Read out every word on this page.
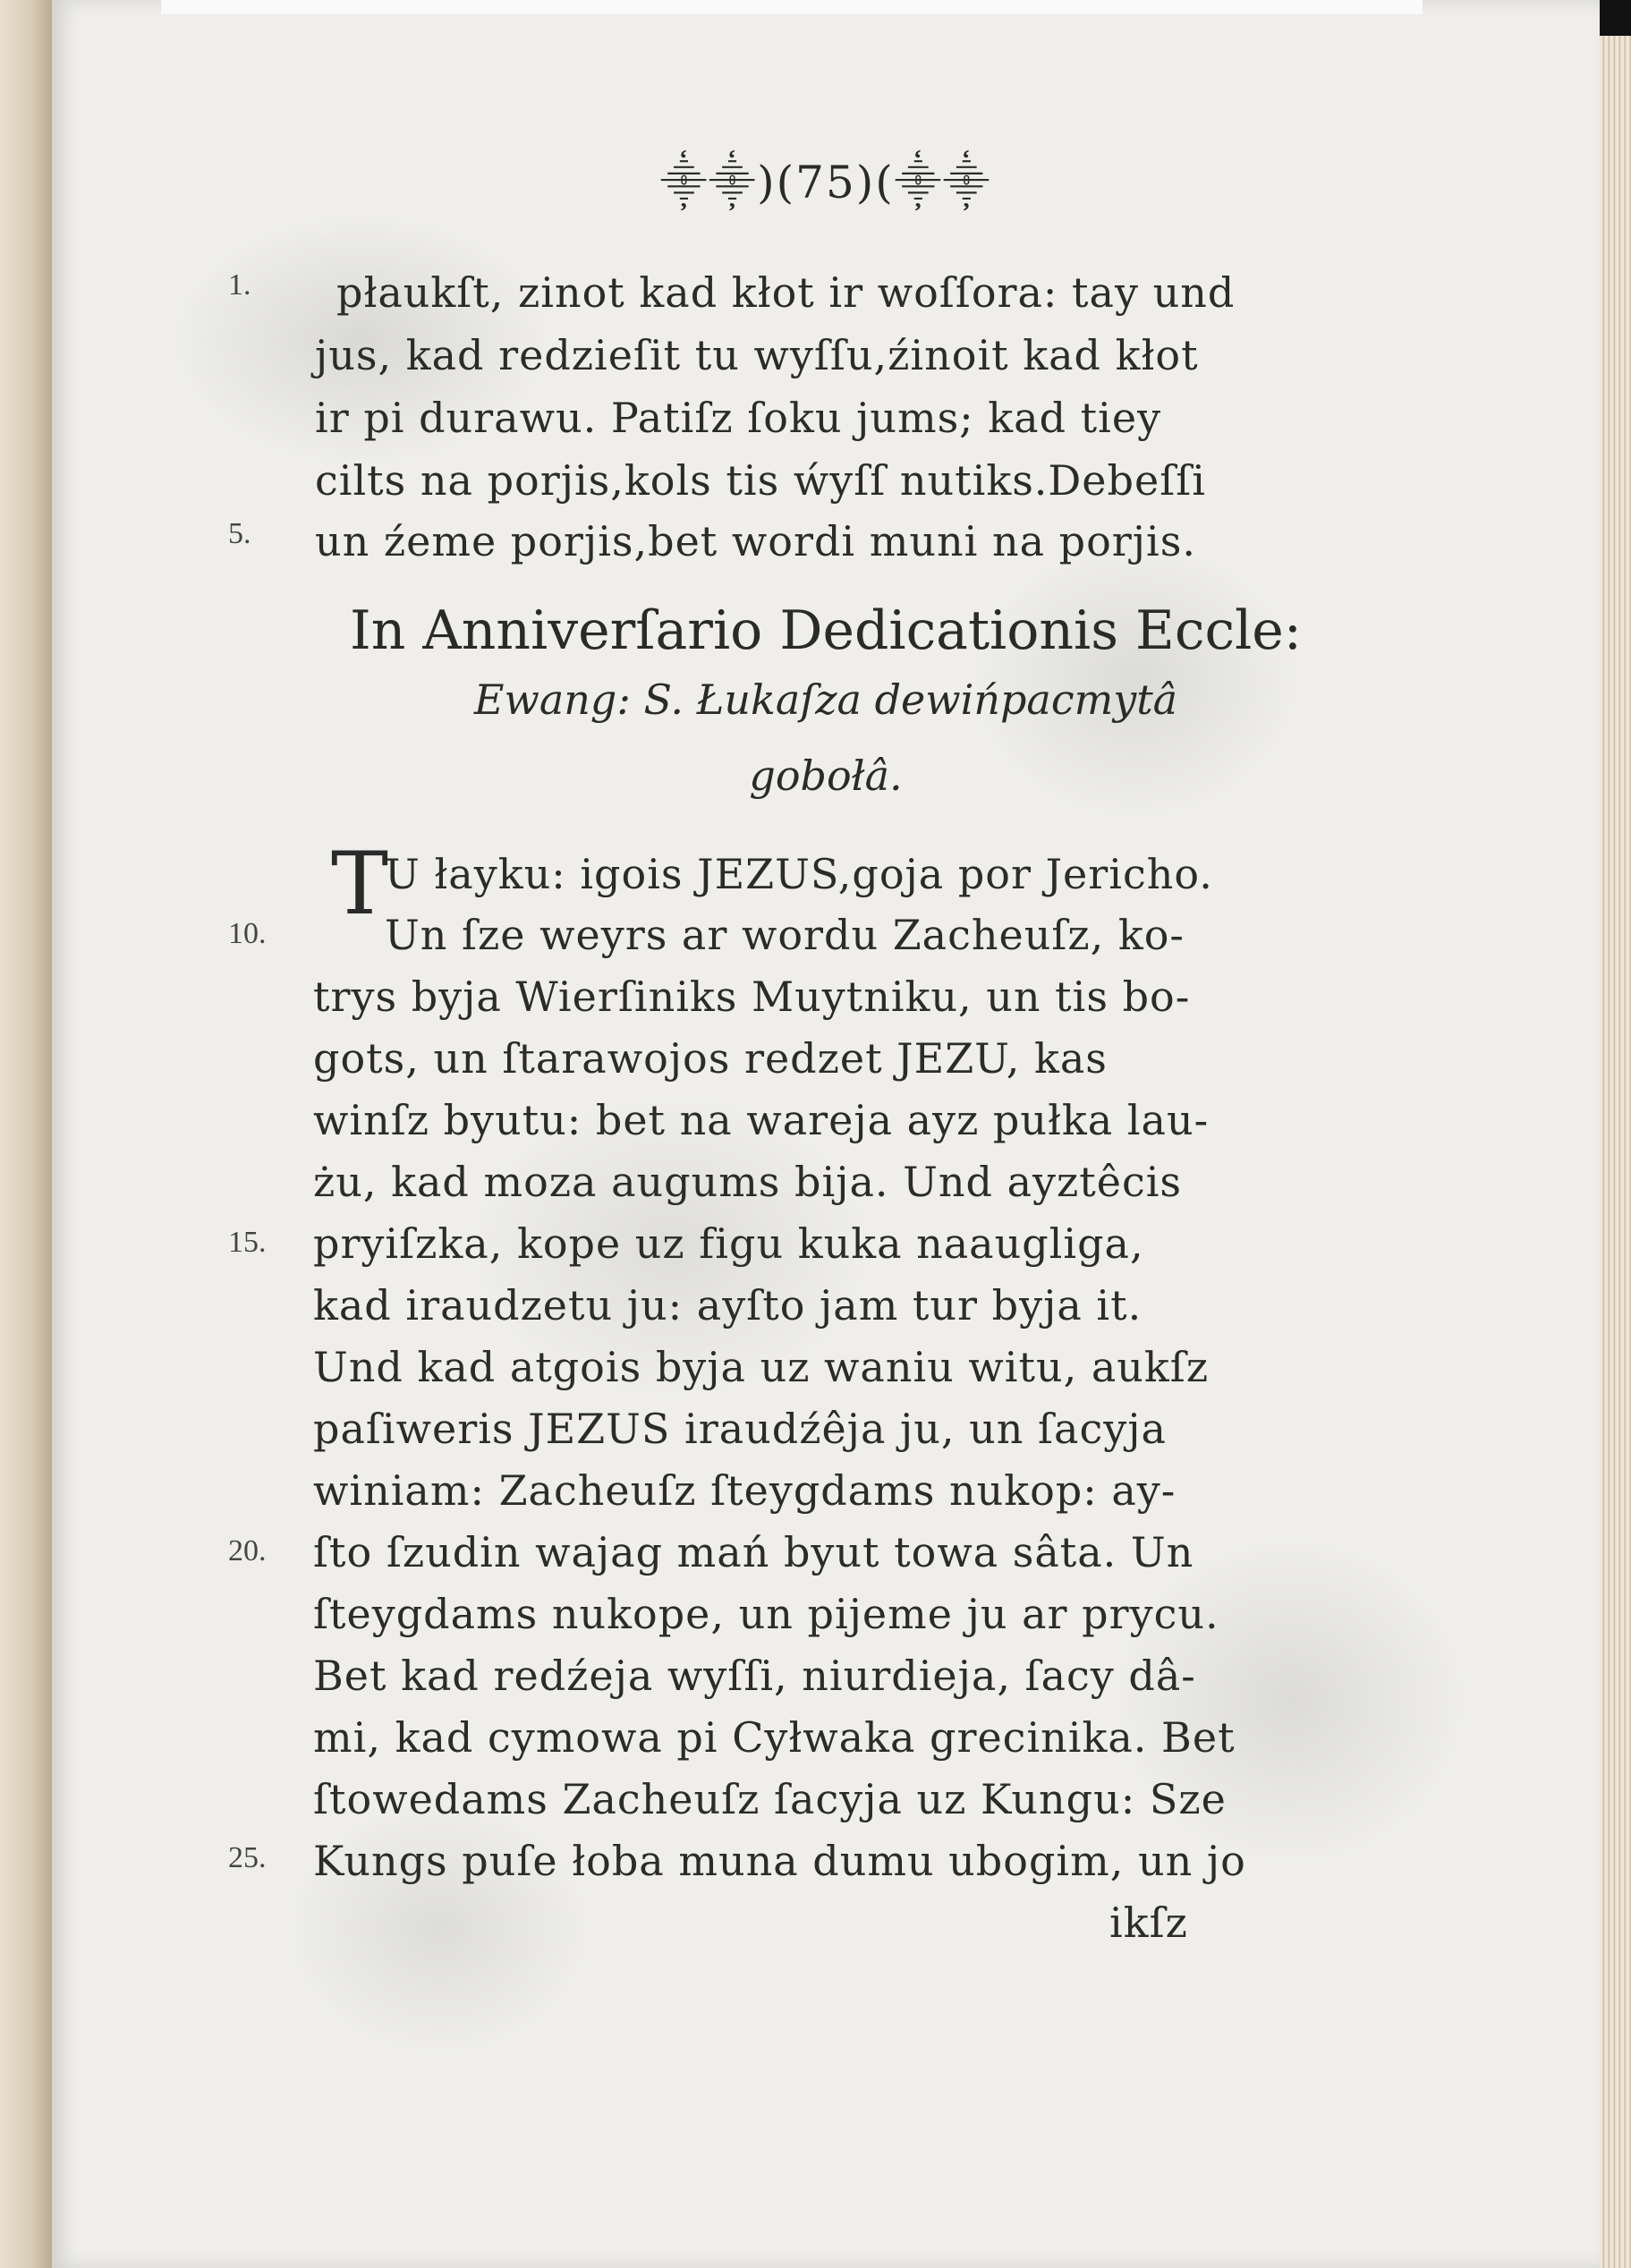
⸎⸎)(75)(⸎⸎
płaukſt, zinot kad kłot ir woſſora: tay und
jus, kad redzieſit tu wyſſu,źinoit kad kłot
ir pi durawu. Patiſz ſoku jums; kad tiey
cilts na porjis,kols tis ẃyſſ nutiks.Debeſſi
un źeme porjis,bet wordi muni na porjis.
In Anniverſario Dedicationis Eccle:
Ewang: S. Łukaſza dewińpacmytâ
gobołâ.
T
U łayku: igois JEZUS,goja por Jericho.
Un ſze weyrs ar wordu Zacheuſz, ko-
trys byja Wierſiniks Muytniku, un tis bo-
gots, un ſtarawojos redzet JEZU, kas
winſz byutu: bet na wareja ayz pułka lau-
żu, kad moza augums bija. Und ayztêcis
pryiſzka, kope uz figu kuka naaugliga,
kad iraudzetu ju: ayſto jam tur byja it.
Und kad atgois byja uz waniu witu, aukſz
paſiweris JEZUS iraudźêja ju, un ſacyja
winiam: Zacheuſz ſteygdams nukop: ay-
ſto ſzudin wajag mań byut towa sâta. Un
ſteygdams nukope, un pijeme ju ar prycu.
Bet kad redźeja wyſſi, niurdieja, ſacy dâ-
mi, kad cymowa pi Cyłwaka grecinika. Bet
ſtowedams Zacheuſz ſacyja uz Kungu: Sze
Kungs puſe łoba muna dumu ubogim, un jo
ikſz
1.
5.
10.
15.
20.
25.
